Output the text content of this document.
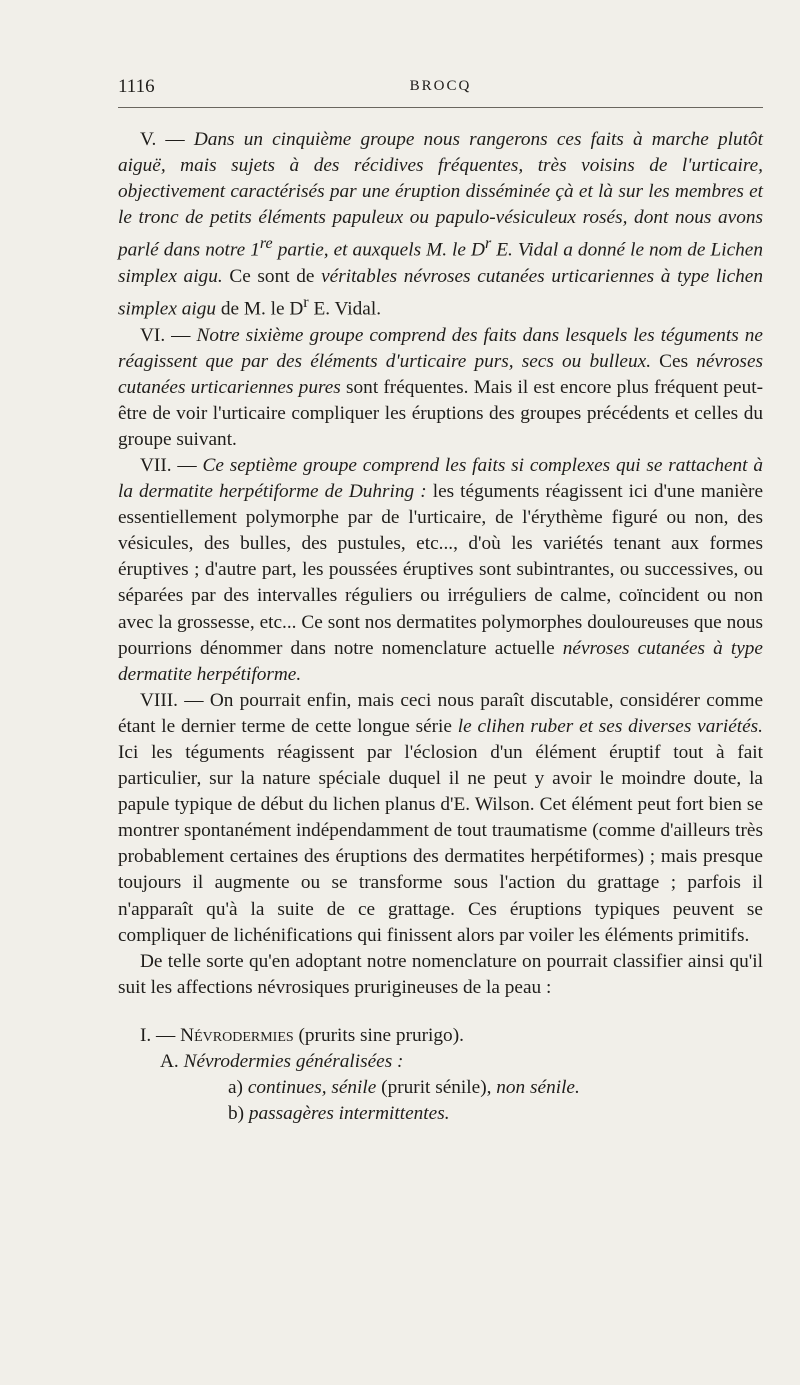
1116	BROCQ

V. — Dans un cinquième groupe nous rangerons ces faits à marche plutôt aiguë, mais sujets à des récidives fréquentes, très voisins de l'urticaire, objectivement caractérisés par une éruption disséminée çà et là sur les membres et le tronc de petits éléments papuleux ou papulo-vésiculeux rosés, dont nous avons parlé dans notre 1re partie, et auxquels M. le $D^r$ E. Vidal a donné le nom de Lichen simplex aigu. Ce sont de véritables névroses cutanées urticariennes à type lichen simplex aigu de M. le $D^r$ E. Vidal.

VI. — Notre sixième groupe comprend des faits dans lesquels les téguments ne réagissent que par des éléments d'urticaire purs, secs ou bulleux. Ces névroses cutanées urticariennes pures sont fréquentes. Mais il est encore plus fréquent peut-être de voir l'urticaire compliquer les éruptions des groupes précédents et celles du groupe suivant.

VII. — Ce septième groupe comprend les faits si complexes qui se rattachent à la dermatite herpétiforme de Duhring : les téguments réagissent ici d'une manière essentiellement polymorphe par de l'urticaire, de l'érythème figuré ou non, des vésicules, des bulles, des pustules, etc..., d'où les variétés tenant aux formes éruptives ; d'autre part, les poussées éruptives sont subintrantes, ou successives, ou séparées par des intervalles réguliers ou irréguliers de calme, coïncident ou non avec la grossesse, etc... Ce sont nos dermatites polymorphes douloureuses que nous pourrions dénommer dans notre nomenclature actuelle névroses cutanées à type dermatite herpétiforme.

VIII. — On pourrait enfin, mais ceci nous paraît discutable, considérer comme étant le dernier terme de cette longue série le clihen ruber et ses diverses variétés. Ici les téguments réagissent par l'éclosion d'un élément éruptif tout à fait particulier, sur la nature spéciale duquel il ne peut y avoir le moindre doute, la papule typique de début du lichen planus d'E. Wilson. Cet élément peut fort bien se montrer spontanément indépendamment de tout traumatisme (comme d'ailleurs très probablement certaines des éruptions des dermatites herpétiformes) ; mais presque toujours il augmente ou se transforme sous l'action du grattage ; parfois il n'apparaît qu'à la suite de ce grattage. Ces éruptions typiques peuvent se compliquer de lichénifications qui finissent alors par voiler les éléments primitifs.

De telle sorte qu'en adoptant notre nomenclature on pourrait classifier ainsi qu'il suit les affections névrosiques prurigineuses de la peau :

I. — Névrodermies (prurits sine prurigo).
A. Névrodermies généralisées :
a) continues, sénile (prurit sénile), non sénile.
b) passagères intermittentes.
